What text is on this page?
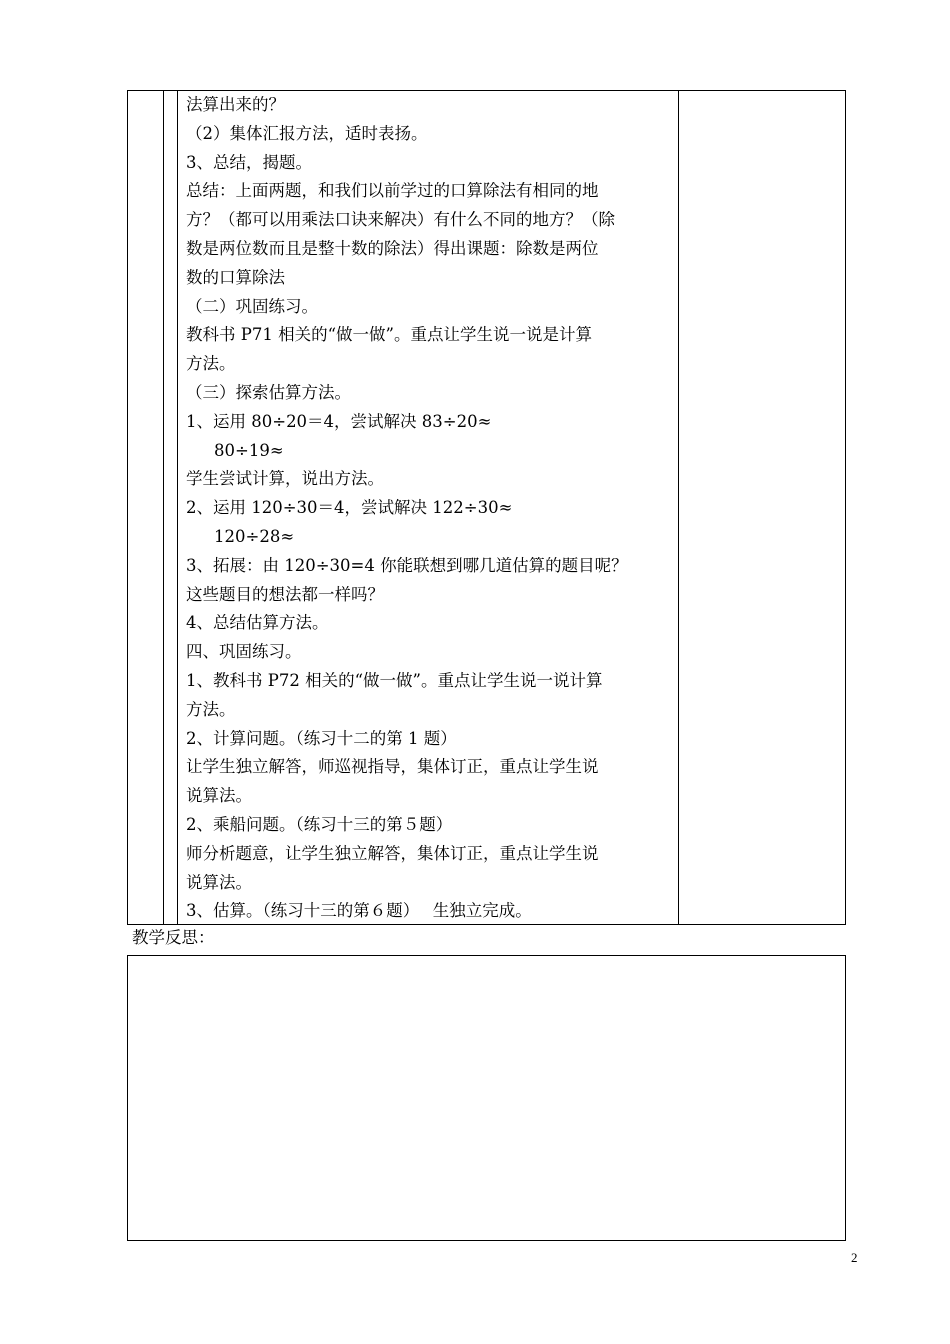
法算出来的？
（2）集体汇报方法，适时表扬。
3、总结，揭题。
总结：上面两题，和我们以前学过的口算除法有相同的地
方？（都可以用乘法口诀来解决）有什么不同的地方？（除
数是两位数而且是整十数的除法）得出课题：除数是两位
数的口算除法
（二）巩固练习。
教科书 P71 相关的“做一做”。重点让学生说一说是计算
方法。
（三）探索估算方法。
1、运用 80÷20＝4，尝试解决 83÷20≈
80÷19≈
学生尝试计算，说出方法。
2、运用 120÷30＝4，尝试解决 122÷30≈
120÷28≈
3、拓展：由 120÷30=4 你能联想到哪几道估算的题目呢？
这些题目的想法都一样吗？
4、总结估算方法。
四、巩固练习。
1、教科书 P72 相关的“做一做”。重点让学生说一说计算
方法。
2、计算问题。（练习十二的第 1 题）
让学生独立解答，师巡视指导，集体订正，重点让学生说
说算法。
2、乘船问题。（练习十三的第５题）
师分析题意，让学生独立解答，集体订正，重点让学生说
说算法。
3、估算。（练习十三的第６题）　 生独立完成。
教学反思：
2
